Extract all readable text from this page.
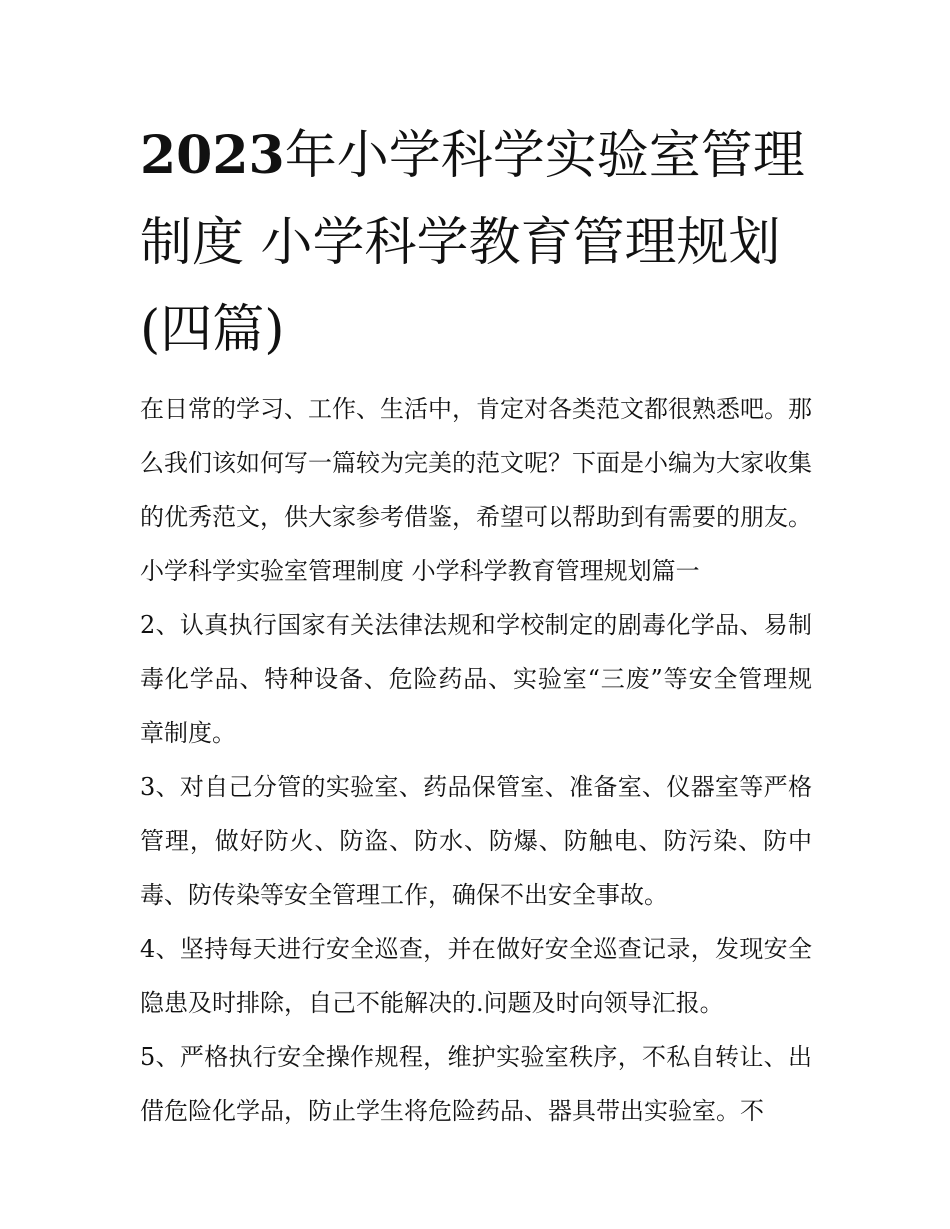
2023年小学科学实验室管理制度 小学科学教育管理规划(四篇)

在日常的学习、工作、生活中，肯定对各类范文都很熟悉吧。那么我们该如何写一篇较为完美的范文呢？下面是小编为大家收集的优秀范文，供大家参考借鉴，希望可以帮助到有需要的朋友。

小学科学实验室管理制度 小学科学教育管理规划篇一

2、认真执行国家有关法律法规和学校制定的剧毒化学品、易制毒化学品、特种设备、危险药品、实验室“三废”等安全管理规章制度。

3、对自己分管的实验室、药品保管室、准备室、仪器室等严格管理，做好防火、防盗、防水、防爆、防触电、防污染、防中毒、防传染等安全管理工作，确保不出安全事故。

4、坚持每天进行安全巡查，并在做好安全巡查记录，发现安全隐患及时排除，自己不能解决的.问题及时向领导汇报。

5、严格执行安全操作规程，维护实验室秩序，不私自转让、出借危险化学品，防止学生将危险药品、器具带出实验室。不
